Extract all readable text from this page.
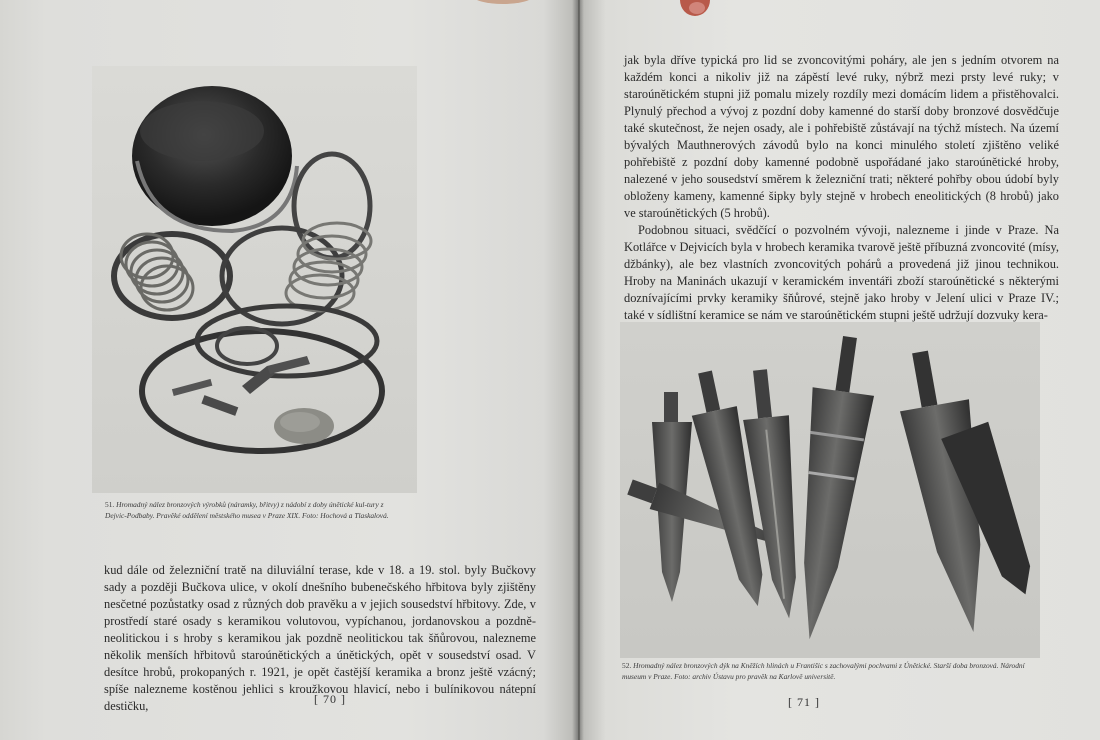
51. Hromadný nález bronzových výrobků (náramky, břitvy) z nádobí z doby únětické kul-tury z Dejvic-Podbaby. Pravěké oddělení městského musea v Praze XIX. Foto: Hochová a Tlaskalová.

kud dále od železniční tratě na diluviální terase, kde v 18. a 19. stol. byly Bučkovy sady a později Bučkova ulice, v okolí dnešního bubenečského hřbitova byly zjištěny nesčetné pozůstatky osad z různých dob pravěku a v jejich sousedství hřbitovy. Zde, v prostředí staré osady s keramikou volutovou, vypíchanou, jordanovskou a pozdně-neolitickou i s hroby s keramikou jak pozdně neolitickou tak šňůrovou, nalezneme několik menších hřbitovů staroúnětických a únětických, opět v sousedství osad. V desítce hrobů, prokopaných r. 1921, je opět častější keramika a bronz ještě vzácný; spíše nalezneme kostěnou jehlici s kroužkovou hlavicí, nebo i bulínikovou nátepní destičku,	[ 70 ]

jak byla dříve typická pro lid se zvoncovitými poháry, ale jen s jedním otvorem na každém konci a nikoliv již na zápěstí levé ruky, nýbrž mezi prsty levé ruky; v staroúnětickém stupni již pomalu mizely rozdíly mezi domácím lidem a přistěhovalci. Plynulý přechod a vývoj z pozdní doby kamenné do starší doby bronzové dosvědčuje také skutečnost, že nejen osady, ale i pohřebiště zůstávají na týchž místech. Na území bývalých Mauthnerových závodů bylo na konci minulého století zjištěno veliké pohřebiště z pozdní doby kamenné podobně uspořádané jako staroúnětické hroby, nalezené v jeho sousedství směrem k železniční trati; některé pohřby obou údobí byly obloženy kameny, kamenné šipky byly stejně v hrobech eneolitických (8 hrobů) jako ve staroúnětických (5 hrobů).

Podobnou situaci, svědčící o pozvolném vývoji, nalezneme i jinde v Praze. Na Kotlářce v Dejvicích byla v hrobech keramika tvarově ještě příbuzná zvoncovité (mísy, džbánky), ale bez vlastních zvoncovitých pohárů a provedená již jinou technikou. Hroby na Maninách ukazují v keramickém inventáři zboží staroúnětické s některými doznívajícími prvky keramiky šňůrové, stejně jako hroby v Jelení ulici v Praze IV.; také v sídlištní keramice se nám ve staroúnětickém stupni ještě udržují dozvuky kera-

52. Hromadný nález bronzových dýk na Kněžích hlinách u Františic s zachovalými pochvami z Únětické. Starší doba bronzová. Národní museum v Praze. Foto: archiv Ústavu pro pravěk na Karlově universitě.
[ 71 ]
